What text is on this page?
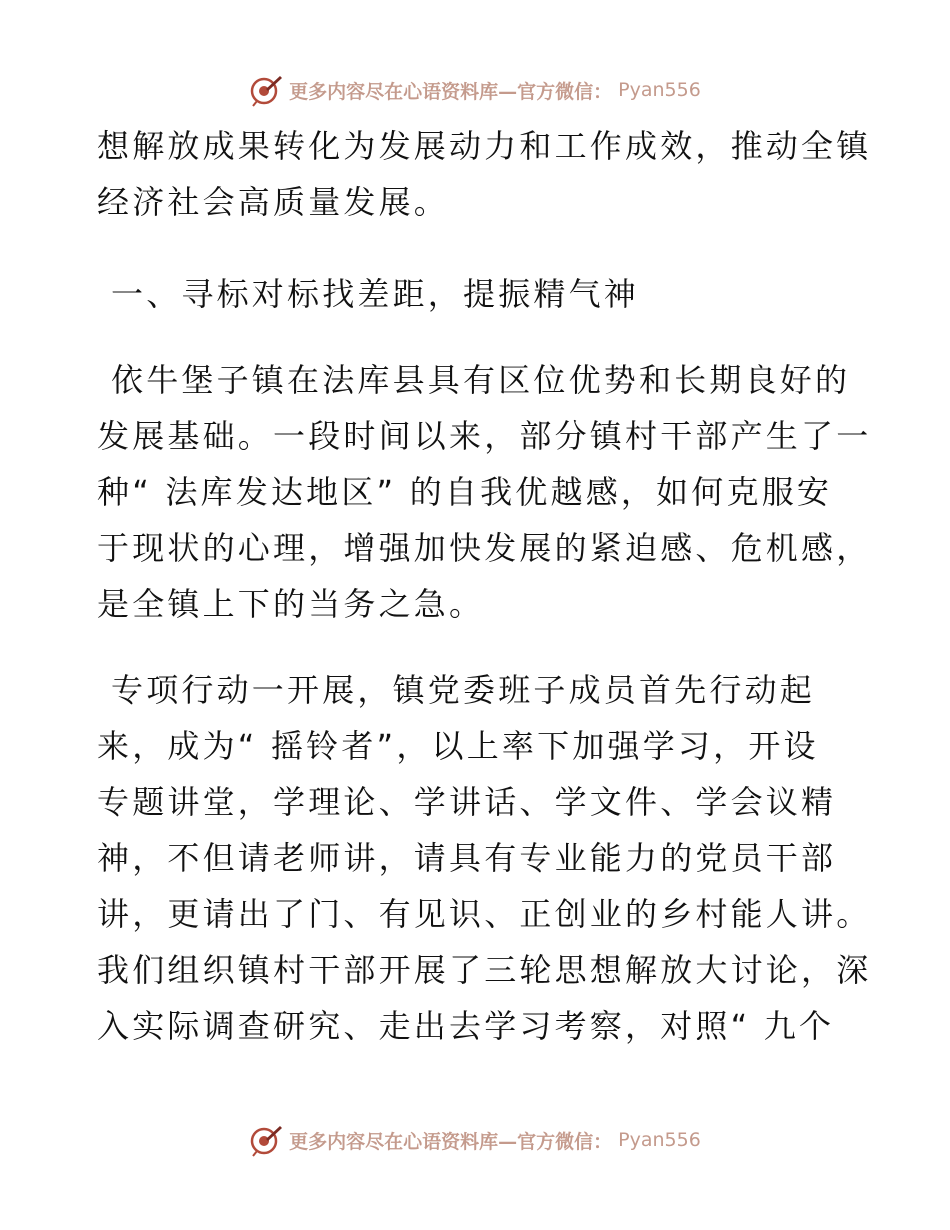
更多内容尽在心语资料库—官方微信： Pyan556
想解放成果转化为发展动力和工作成效，推动全镇
经济社会高质量发展。
一、寻标对标找差距，提振精气神
依牛堡子镇在法库县具有区位优势和长期良好的
发展基础。一段时间以来，部分镇村干部产生了一
种“ 法库发达地区” 的自我优越感，如何克服安
于现状的心理，增强加快发展的紧迫感、危机感，
是全镇上下的当务之急。
专项行动一开展，镇党委班子成员首先行动起
来，成为“ 摇铃者”，以上率下加强学习，开设
专题讲堂，学理论、学讲话、学文件、学会议精
神，不但请老师讲，请具有专业能力的党员干部
讲，更请出了门、有见识、正创业的乡村能人讲。
我们组织镇村干部开展了三轮思想解放大讨论，深
入实际调查研究、走出去学习考察，对照“ 九个
更多内容尽在心语资料库—官方微信： Pyan556
